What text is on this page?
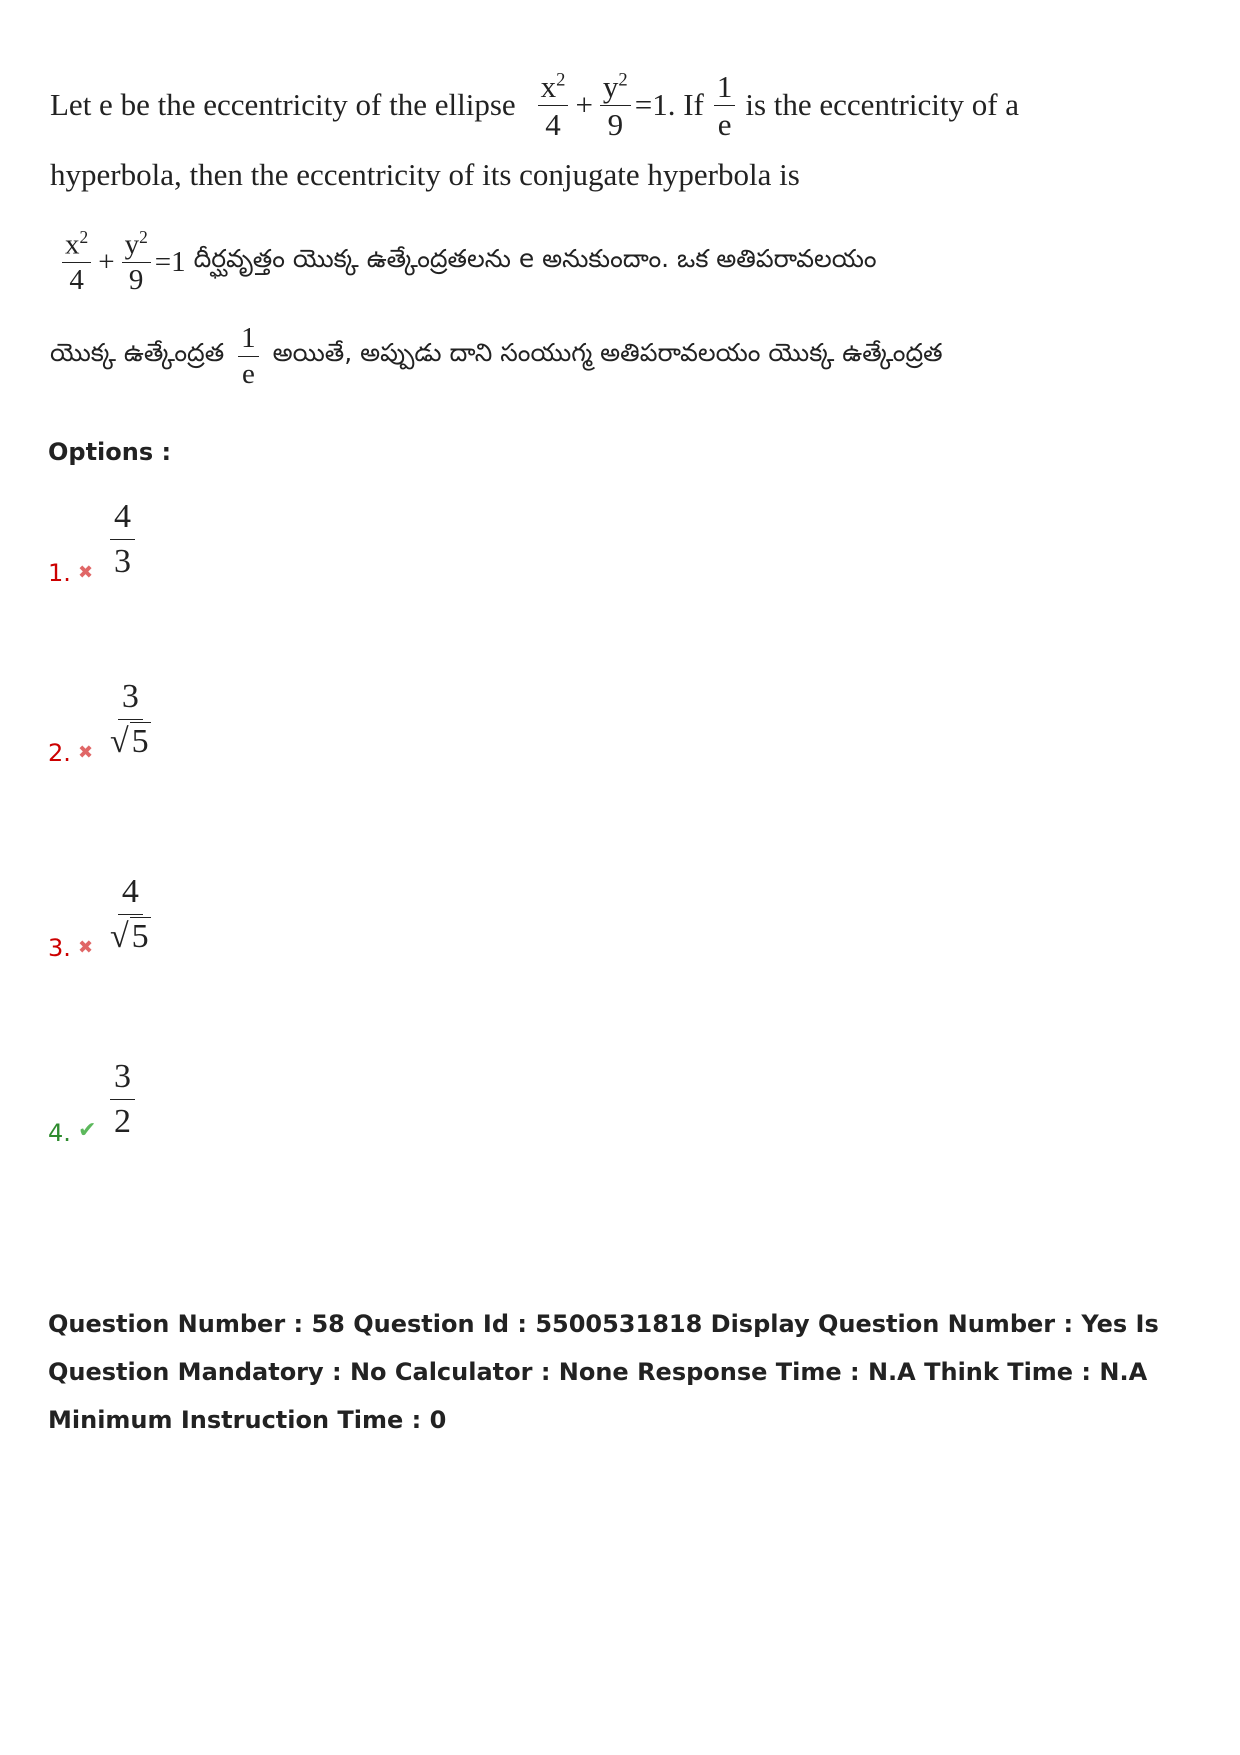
Let e be the eccentricity of the ellipse $\frac{x^2}{4} + \frac{y^2}{9} =1$ . If $\frac{1}{e}$ is the eccentricity of a
hyperbola, then the eccentricity of its conjugate hyperbola is
$\frac{x^2}{4} + \frac{y^2}{9} =1$ దీర్ఘవృత్తం యొక్క ఉత్కేంద్రతలను e అనుకుందాం. ఒక అతిపరావలయం
యొక్క ఉత్కేంద్రత $\frac{1}{e}$ అయితే, అప్పుడు దాని సంయుగ్మ అతిపరావలయం యొక్క ఉత్కేంద్రత
Options :
1. ✖ $\frac{4}{3}$
2. ✖ $\frac{3}{√5}$
3. ✖ $\frac{4}{√5}$
4. ✔ $\frac{3}{2}$
Question Number : 58 Question Id : 5500531818 Display Question Number : Yes Is Question Mandatory : No Calculator : None Response Time : N.A Think Time : N.A Minimum Instruction Time : 0
